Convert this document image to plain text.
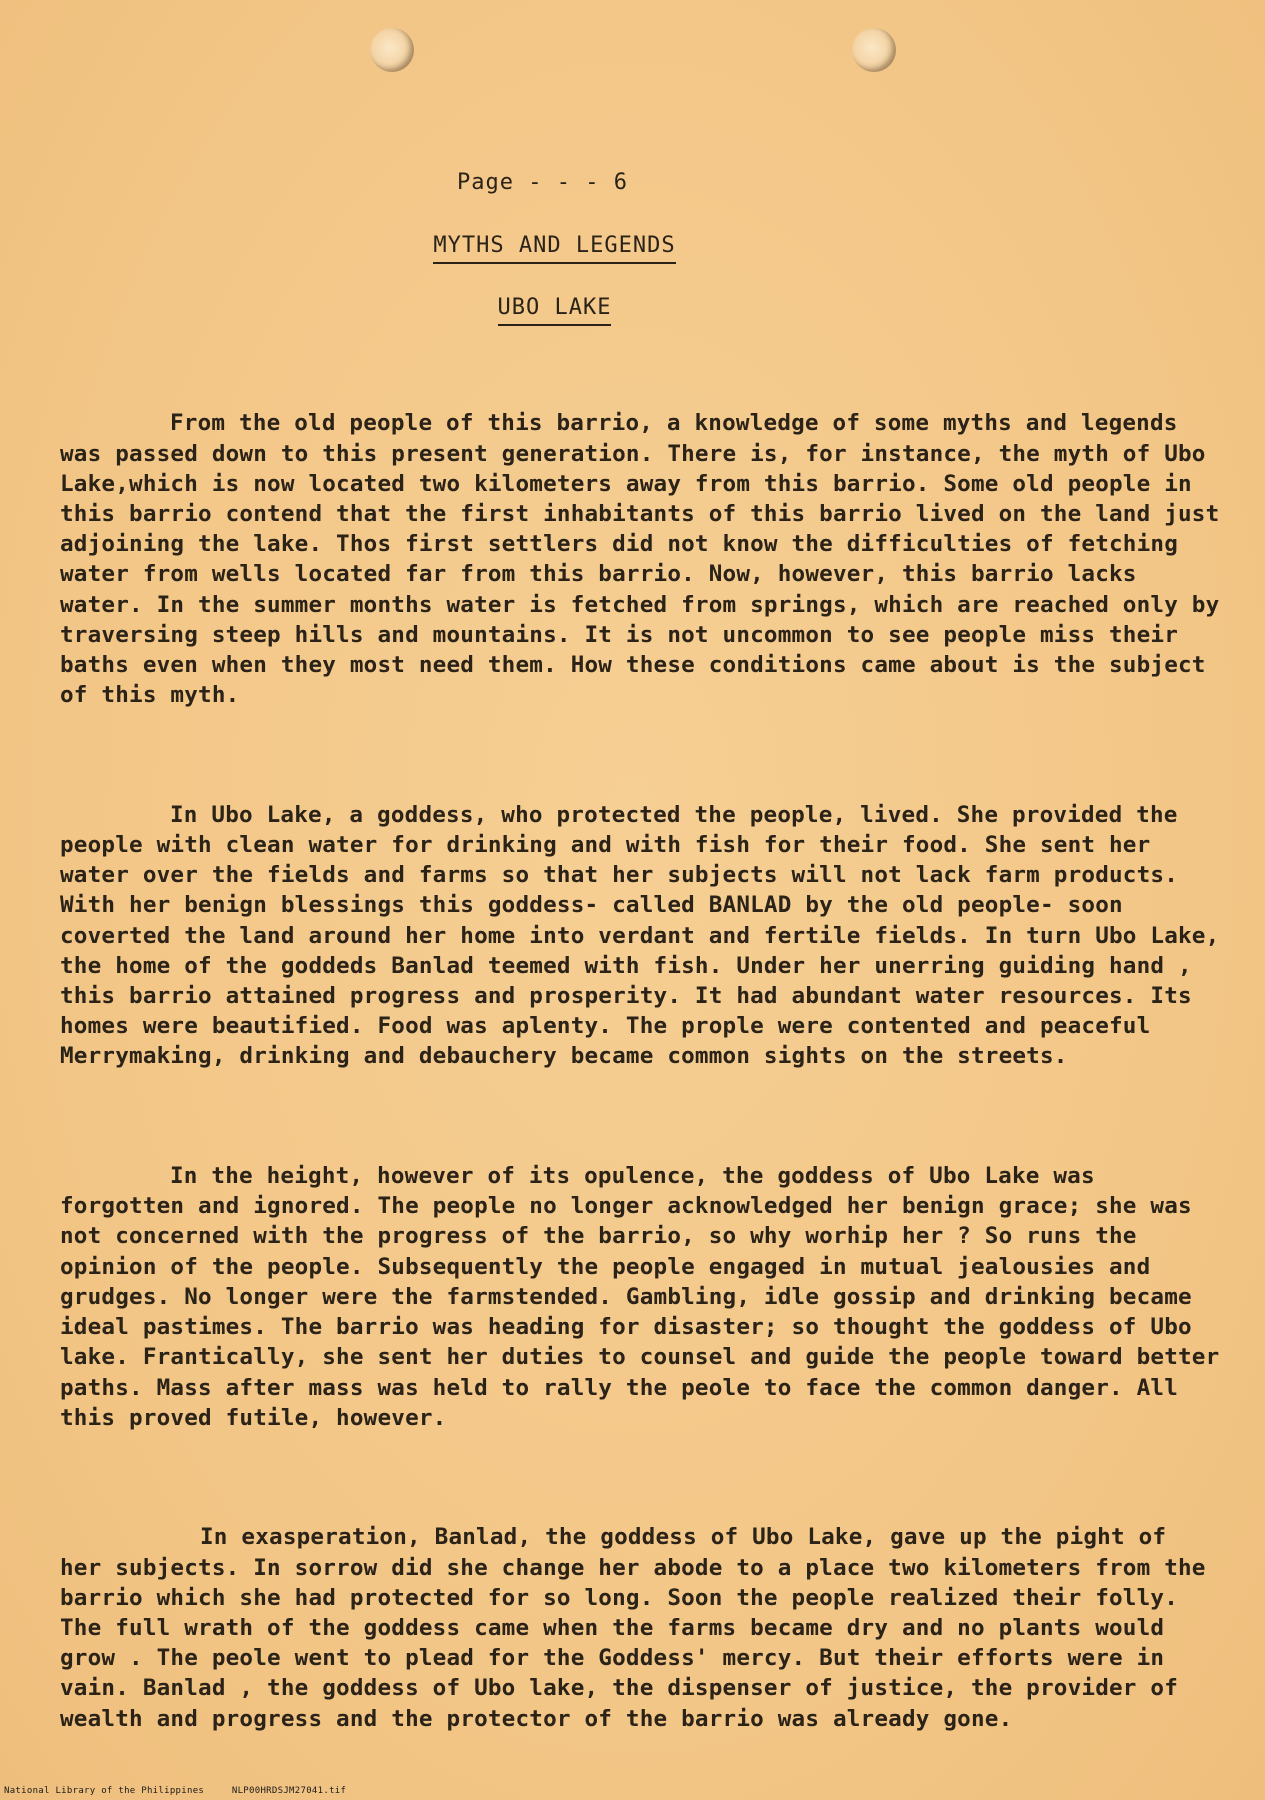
Page - - - 6
MYTHS AND LEGENDS
UBO LAKE

From the old people of this barrio, a knowledge of some myths and legends was passed down to this present generation. There is, for instance, the myth of Ubo Lake,which is now located two kilometers away from this barrio. Some old people in this barrio contend that the first inhabitants of this barrio lived on the land just adjoining the lake. Thos first settlers did not know the difficulties of fetching water from wells located far from this barrio. Now, however, this barrio lacks water. In the summer months water is fetched from springs, which are reached only by traversing steep hills and mountains. It is not uncommon to see people miss their baths even when they most need them. How these conditions came about is the subject of this myth.

In Ubo Lake, a goddess, who protected the people, lived. She provided the people with clean water for drinking and with fish for their food. She sent her water over the fields and farms so that her subjects will not lack farm products. With her benign blessings this goddess- called BANLAD by the old people- soon coverted the land around her home into verdant and fertile fields. In turn Ubo Lake, the home of the goddeds Banlad teemed with fish. Under her unerring guiding hand , this barrio attained progress and prosperity. It had abundant water resources. Its homes were beautified. Food was aplenty. The prople were contented and peaceful Merrymaking, drinking and debauchery became common sights on the streets.

In the height, however of its opulence, the goddess of Ubo Lake was forgotten and ignored. The people no longer acknowledged her benign grace; she was not concerned with the progress of the barrio, so why worhip her ? So runs the opinion of the people. Subsequently the people engaged in mutual jealousies and grudges. No longer were the farmstended. Gambling, idle gossip and drinking became ideal pastimes. The barrio was heading for disaster; so thought the goddess of Ubo lake. Frantically, she sent her duties to counsel and guide the people toward better paths. Mass after mass was held to rally the peole to face the common danger. All this proved futile, however.

In exasperation, Banlad, the goddess of Ubo Lake, gave up the pight of her subjects. In sorrow did she change her abode to a place two kilometers from the barrio which she had protected for so long. Soon the people realized their folly. The full wrath of the goddess came when the farms became dry and no plants would grow . The peole went to plead for the Goddess' mercy. But their efforts were in vain. Banlad , the goddess of Ubo lake, the dispenser of justice, the provider of wealth and progress and the protector of the barrio was already gone.

National Library of the Philippines	NLP00HRDSJM27041.tif
